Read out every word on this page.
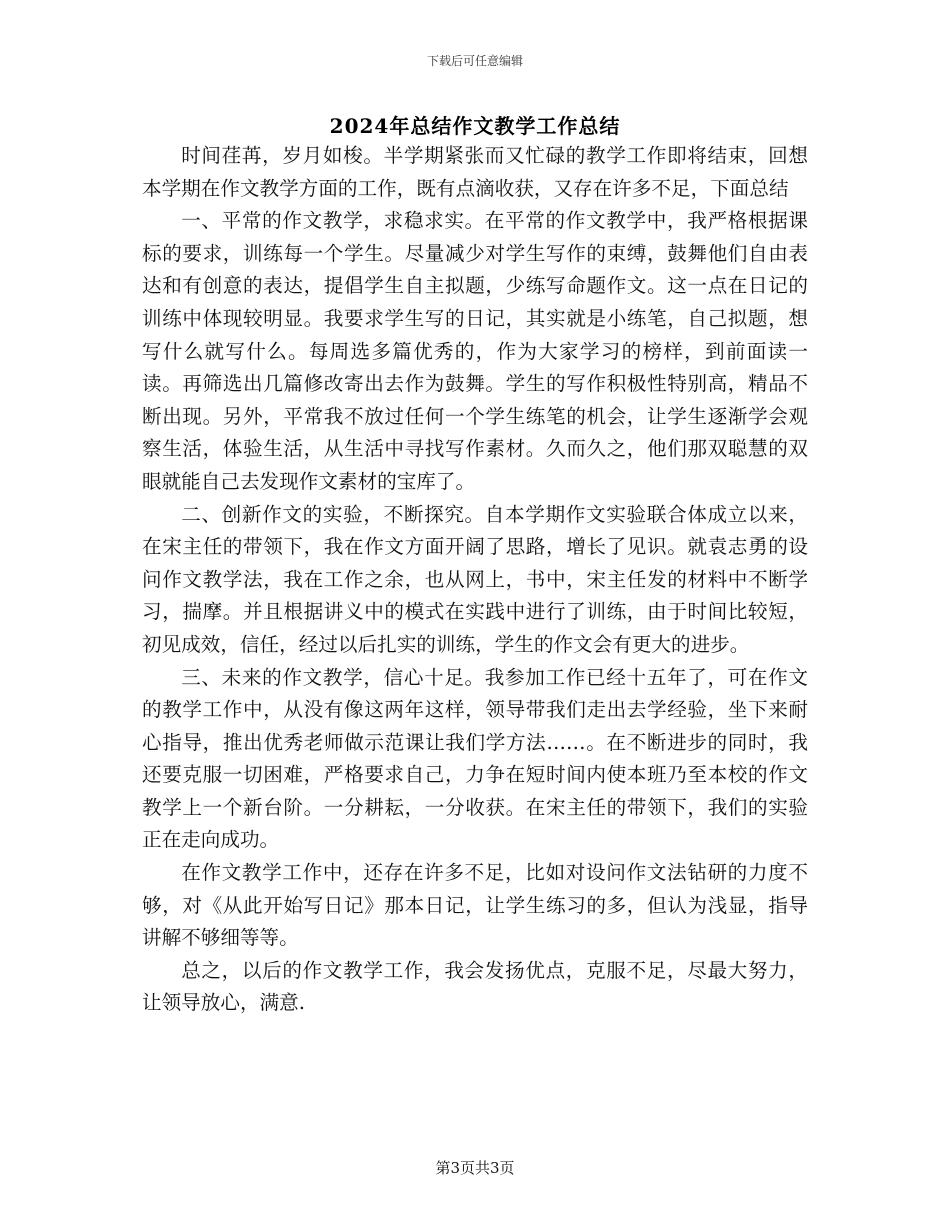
下载后可任意编辑
2024年总结作文教学工作总结

时间荏苒，岁月如梭。半学期紧张而又忙碌的教学工作即将结束，回想本学期在作文教学方面的工作，既有点滴收获，又存在许多不足，下面总结

一、平常的作文教学，求稳求实。在平常的作文教学中，我严格根据课标的要求，训练每一个学生。尽量减少对学生写作的束缚，鼓舞他们自由表达和有创意的表达，提倡学生自主拟题，少练写命题作文。这一点在日记的训练中体现较明显。我要求学生写的日记，其实就是小练笔，自己拟题，想写什么就写什么。每周选多篇优秀的，作为大家学习的榜样，到前面读一读。再筛选出几篇修改寄出去作为鼓舞。学生的写作积极性特别高，精品不断出现。另外，平常我不放过任何一个学生练笔的机会，让学生逐渐学会观察生活，体验生活，从生活中寻找写作素材。久而久之，他们那双聪慧的双眼就能自己去发现作文素材的宝库了。

二、创新作文的实验，不断探究。自本学期作文实验联合体成立以来，在宋主任的带领下，我在作文方面开阔了思路，增长了见识。就袁志勇的设问作文教学法，我在工作之余，也从网上，书中，宋主任发的材料中不断学习，揣摩。并且根据讲义中的模式在实践中进行了训练，由于时间比较短，初见成效，信任，经过以后扎实的训练，学生的作文会有更大的进步。

三、未来的作文教学，信心十足。我参加工作已经十五年了，可在作文的教学工作中，从没有像这两年这样，领导带我们走出去学经验，坐下来耐心指导，推出优秀老师做示范课让我们学方法……。在不断进步的同时，我还要克服一切困难，严格要求自己，力争在短时间内使本班乃至本校的作文教学上一个新台阶。一分耕耘，一分收获。在宋主任的带领下，我们的实验正在走向成功。

在作文教学工作中，还存在许多不足，比如对设问作文法钻研的力度不够，对《从此开始写日记》那本日记，让学生练习的多，但认为浅显，指导讲解不够细等等。

总之，以后的作文教学工作，我会发扬优点，克服不足，尽最大努力，让领导放心，满意.

第3页共3页
